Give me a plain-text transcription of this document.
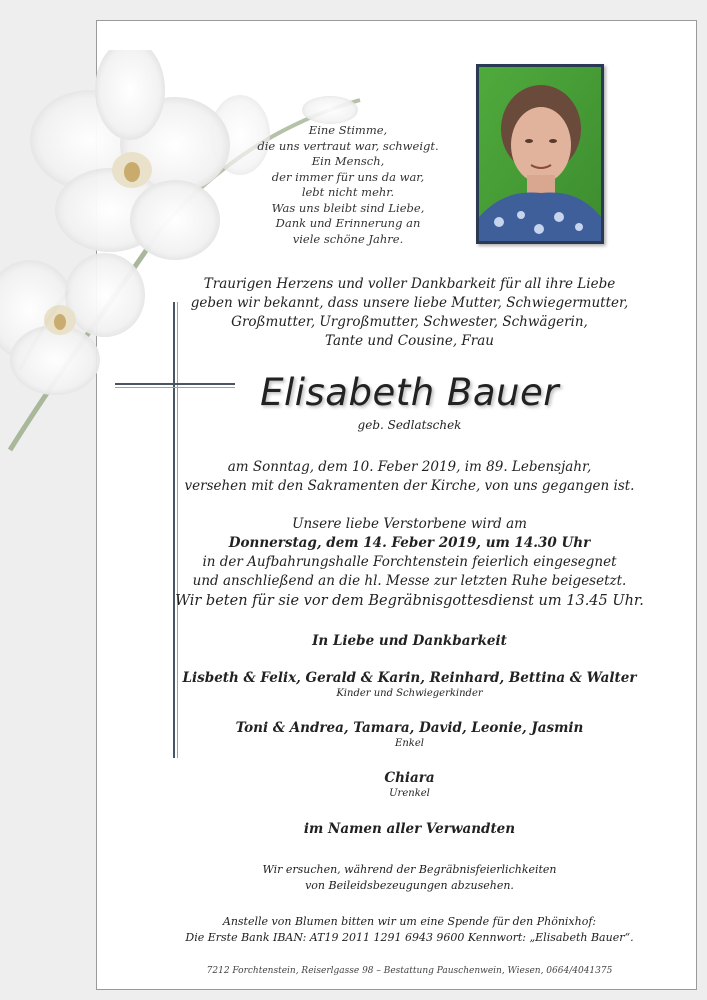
Eine Stimme,
die uns vertraut war, schweigt.
Ein Mensch,
der immer für uns da war,
lebt nicht mehr.
Was uns bleibt sind Liebe,
Dank und Erinnerung an
viele schöne Jahre.
Traurigen Herzens und voller Dankbarkeit für all ihre Liebe
geben wir bekannt, dass unsere liebe Mutter, Schwiegermutter,
Großmutter, Urgroßmutter, Schwester, Schwägerin,
Tante und Cousine, Frau
Elisabeth Bauer
geb. Sedlatschek
am Sonntag, dem 10. Feber 2019, im 89. Lebensjahr,
versehen mit den Sakramenten der Kirche, von uns gegangen ist.
Unsere liebe Verstorbene wird am
Donnerstag, dem 14. Feber 2019, um 14.30 Uhr
in der Aufbahrungshalle Forchtenstein feierlich eingesegnet
und anschließend an die hl. Messe zur letzten Ruhe beigesetzt.
Wir beten für sie vor dem Begräbnisgottesdienst um 13.45 Uhr.
In Liebe und Dankbarkeit
Lisbeth & Felix, Gerald & Karin, Reinhard, Bettina & Walter
Kinder und Schwiegerkinder
Toni & Andrea, Tamara, David, Leonie, Jasmin
Enkel
Chiara
Urenkel
im Namen aller Verwandten
Wir ersuchen, während der Begräbnisfeierlichkeiten
von Beileidsbezeugungen abzusehen.
Anstelle von Blumen bitten wir um eine Spende für den Phönixhof:
Die Erste Bank IBAN: AT19 2011 1291 6943 9600 Kennwort: „Elisabeth Bauer“.
7212 Forchtenstein, Reiserlgasse 98 – Bestattung Pauschenwein, Wiesen, 0664/4041375
